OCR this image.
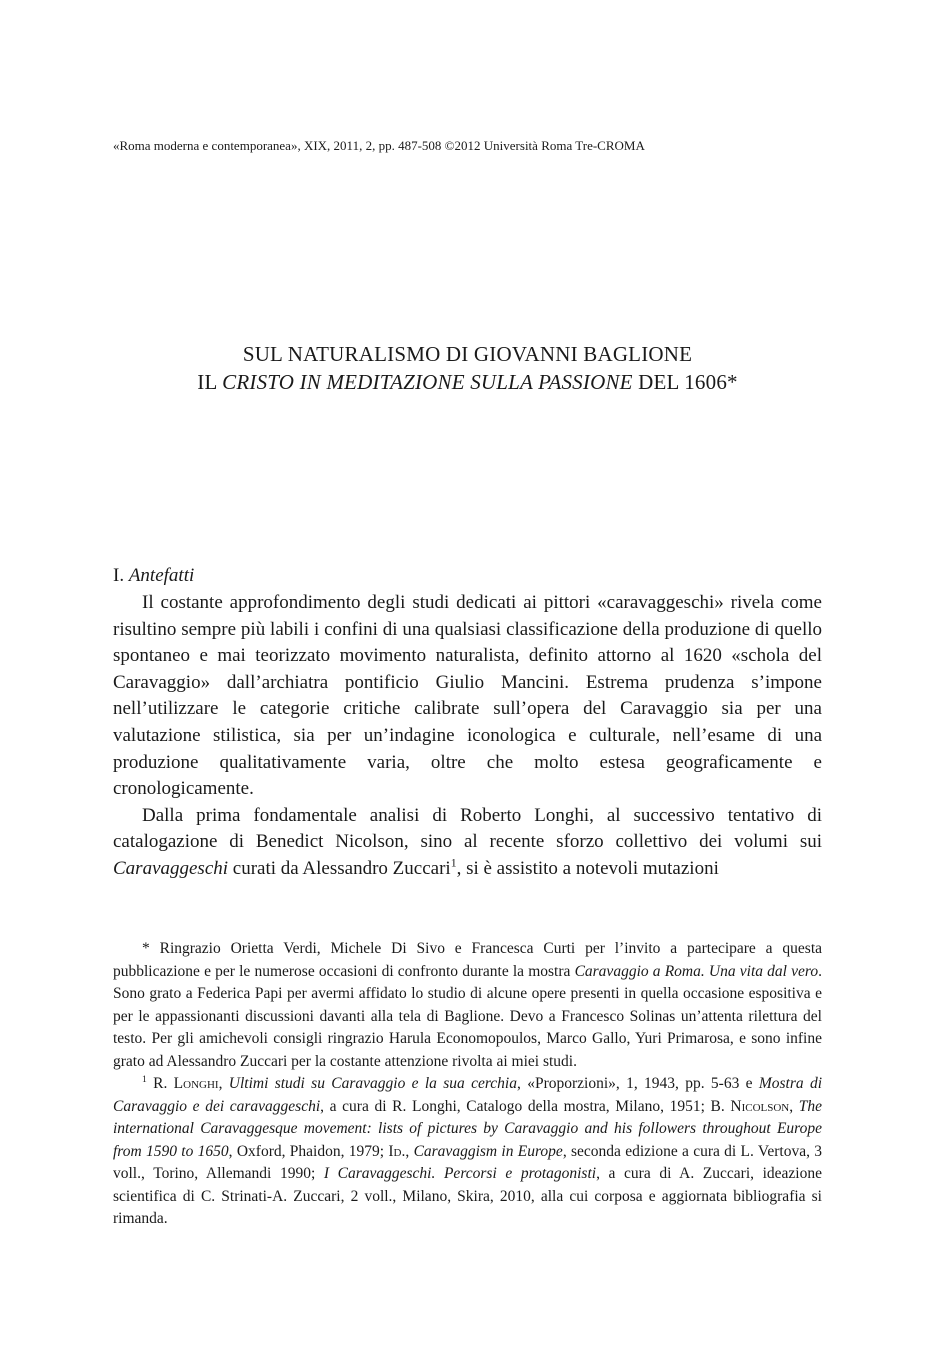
«Roma moderna e contemporanea», XIX, 2011, 2, pp. 487-508 ©2012 Università Roma Tre-CROMA
SUL NATURALISMO DI GIOVANNI BAGLIONE
IL CRISTO IN MEDITAZIONE SULLA PASSIONE DEL 1606*
I. Antefatti

Il costante approfondimento degli studi dedicati ai pittori «caravaggeschi» rivela come risultino sempre più labili i confini di una qualsiasi classificazione della produzione di quello spontaneo e mai teorizzato movimento naturalista, definito attorno al 1620 «schola del Caravaggio» dall’archiatra pontificio Giulio Mancini. Estrema prudenza s’impone nell’utilizzare le categorie critiche calibrate sull’opera del Caravaggio sia per una valutazione stilistica, sia per un’indagine iconologica e culturale, nell’esame di una produzione qualitativamente varia, oltre che molto estesa geograficamente e cronologicamente.

Dalla prima fondamentale analisi di Roberto Longhi, al successivo tentativo di catalogazione di Benedict Nicolson, sino al recente sforzo collettivo dei volumi sui Caravaggeschi curati da Alessandro Zuccari$^1$, si è assistito a notevoli mutazioni

* Ringrazio Orietta Verdi, Michele Di Sivo e Francesca Curti per l’invito a partecipare a questa pubblicazione e per le numerose occasioni di confronto durante la mostra Caravaggio a Roma. Una vita dal vero. Sono grato a Federica Papi per avermi affidato lo studio di alcune opere presenti in quella occasione espositiva e per le appassionanti discussioni davanti alla tela di Baglione. Devo a Francesco Solinas un’attenta rilettura del testo. Per gli amichevoli consigli ringrazio Harula Economopoulos, Marco Gallo, Yuri Primarosa, e sono infine grato ad Alessandro Zuccari per la costante attenzione rivolta ai miei studi.

$^1$ R. Longhi, Ultimi studi su Caravaggio e la sua cerchia, «Proporzioni», 1, 1943, pp. 5-63 e Mostra di Caravaggio e dei caravaggeschi, a cura di R. Longhi, Catalogo della mostra, Milano, 1951; B. Nicolson, The international Caravaggesque movement: lists of pictures by Caravaggio and his followers throughout Europe from 1590 to 1650, Oxford, Phaidon, 1979; Id., Caravaggism in Europe, seconda edizione a cura di L. Vertova, 3 voll., Torino, Allemandi 1990; I Caravaggeschi. Percorsi e protagonisti, a cura di A. Zuccari, ideazione scientifica di C. Strinati-A. Zuccari, 2 voll., Milano, Skira, 2010, alla cui corposa e aggiornata bibliografia si rimanda.
